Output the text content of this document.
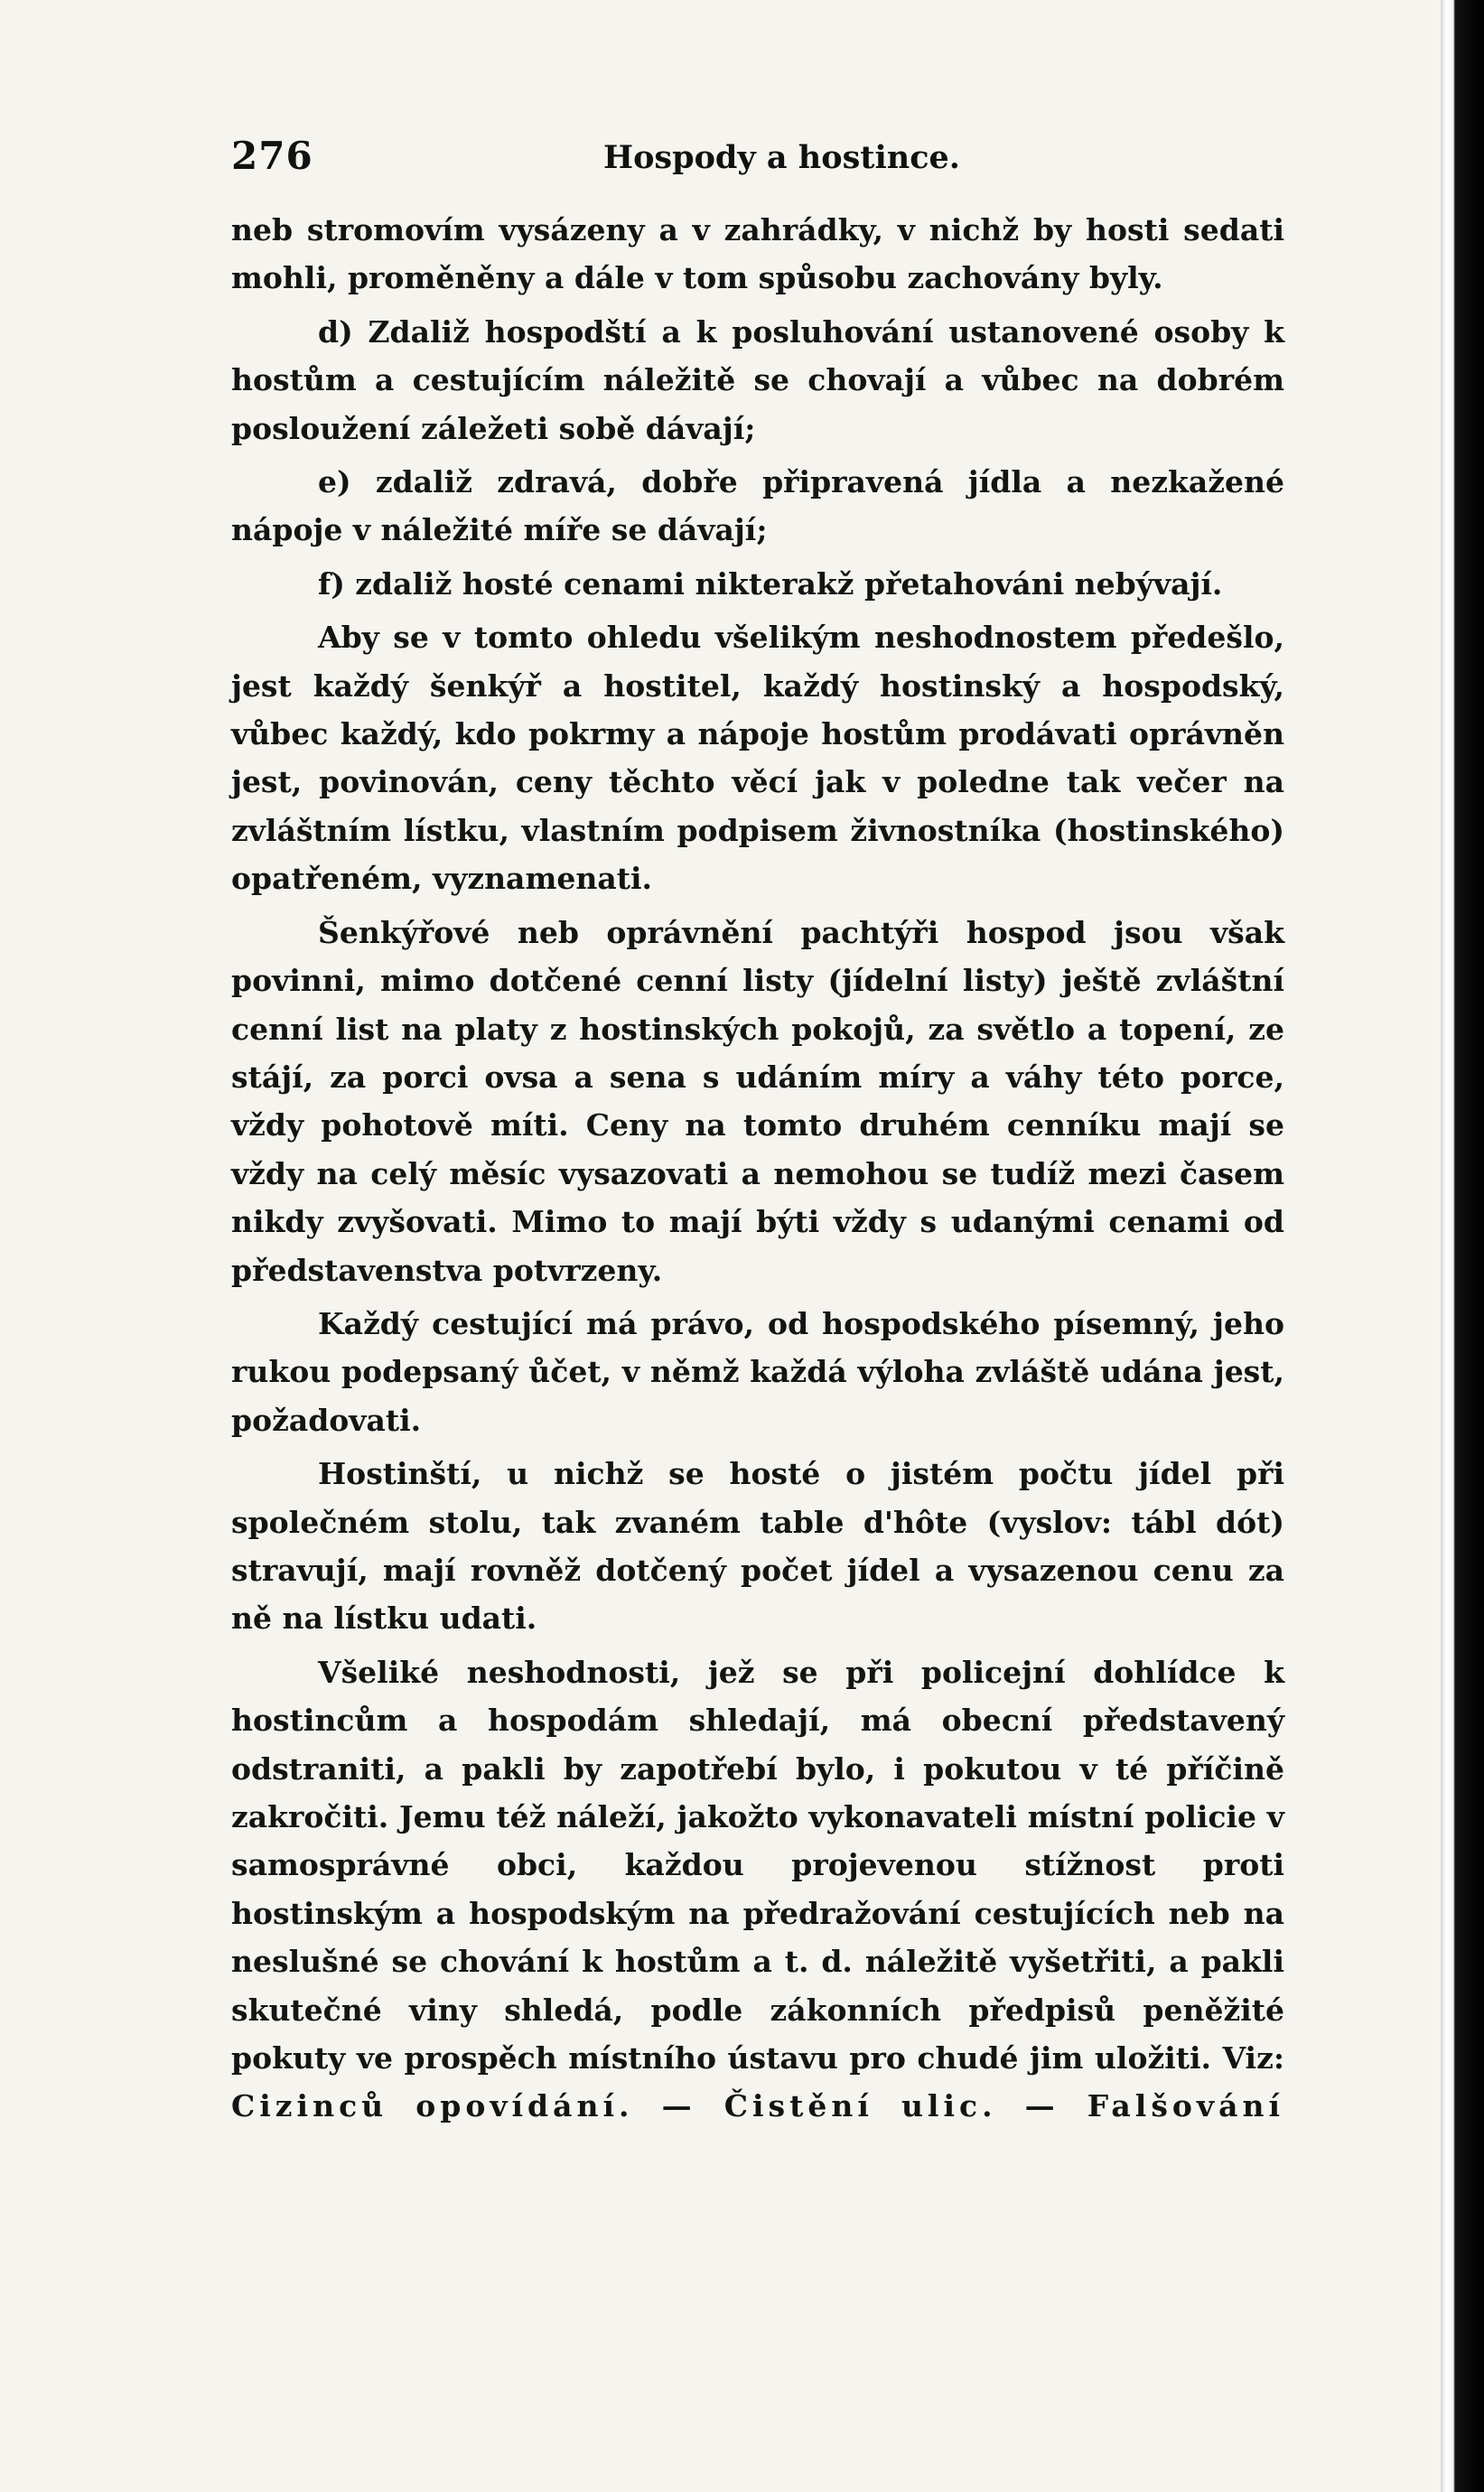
276	Hospody a hostince.

neb stromovím vysázeny a v zahrádky, v nichž by hosti sedati mohli, proměněny a dále v tom spůsobu zachovány byly.

d) Zdaliž hospodští a k posluhování ustanovené osoby k hostům a cestujícím náležitě se chovají a vůbec na dobrém posloužení záležeti sobě dávají;

e) zdaliž zdravá, dobře připravená jídla a nezkažené nápoje v náležité míře se dávají;

f) zdaliž hosté cenami nikterakž přetahováni nebývají.

Aby se v tomto ohledu všelikým neshodnostem předešlo, jest každý šenkýř a hostitel, každý hostinský a hospodský, vůbec každý, kdo pokrmy a nápoje hostům prodávati oprávněn jest, povinován, ceny těchto věcí jak v poledne tak večer na zvláštním lístku, vlastním podpisem živnostníka (hostinského) opatřeném, vyznamenati.

Šenkýřové neb oprávnění pachtýři hospod jsou však povinni, mimo dotčené cenní listy (jídelní listy) ještě zvláštní cenní list na platy z hostinských pokojů, za světlo a topení, ze stájí, za porci ovsa a sena s udáním míry a váhy této porce, vždy pohotově míti. Ceny na tomto druhém cenníku mají se vždy na celý měsíc vysazovati a nemohou se tudíž mezi časem nikdy zvyšovati. Mimo to mají býti vždy s udanými cenami od představenstva potvrzeny.

Každý cestující má právo, od hospodského písemný, jeho rukou podepsaný ůčet, v němž každá výloha zvláště udána jest, požadovati.

Hostinští, u nichž se hosté o jistém počtu jídel při společném stolu, tak zvaném table d'hôte (vyslov: tábl dót) stravují, mají rovněž dotčený počet jídel a vysazenou cenu za ně na lístku udati.

Všeliké neshodnosti, jež se při policejní dohlídce k hostincům a hospodám shledají, má obecní představený odstraniti, a pakli by zapotřebí bylo, i pokutou v té příčině zakročiti. Jemu též náleží, jakožto vykonavateli místní policie v samosprávné obci, každou projevenou stížnost proti hostinským a hospodským na předražování cestujících neb na neslušné se chování k hostům a t. d. náležitě vyšetřiti, a pakli skutečné viny shledá, podle zákonních předpisů peněžité pokuty ve prospěch místního ústavu pro chudé jim uložiti. Viz: Cizinců opovídání. — Čistění ulic. — Falšování
